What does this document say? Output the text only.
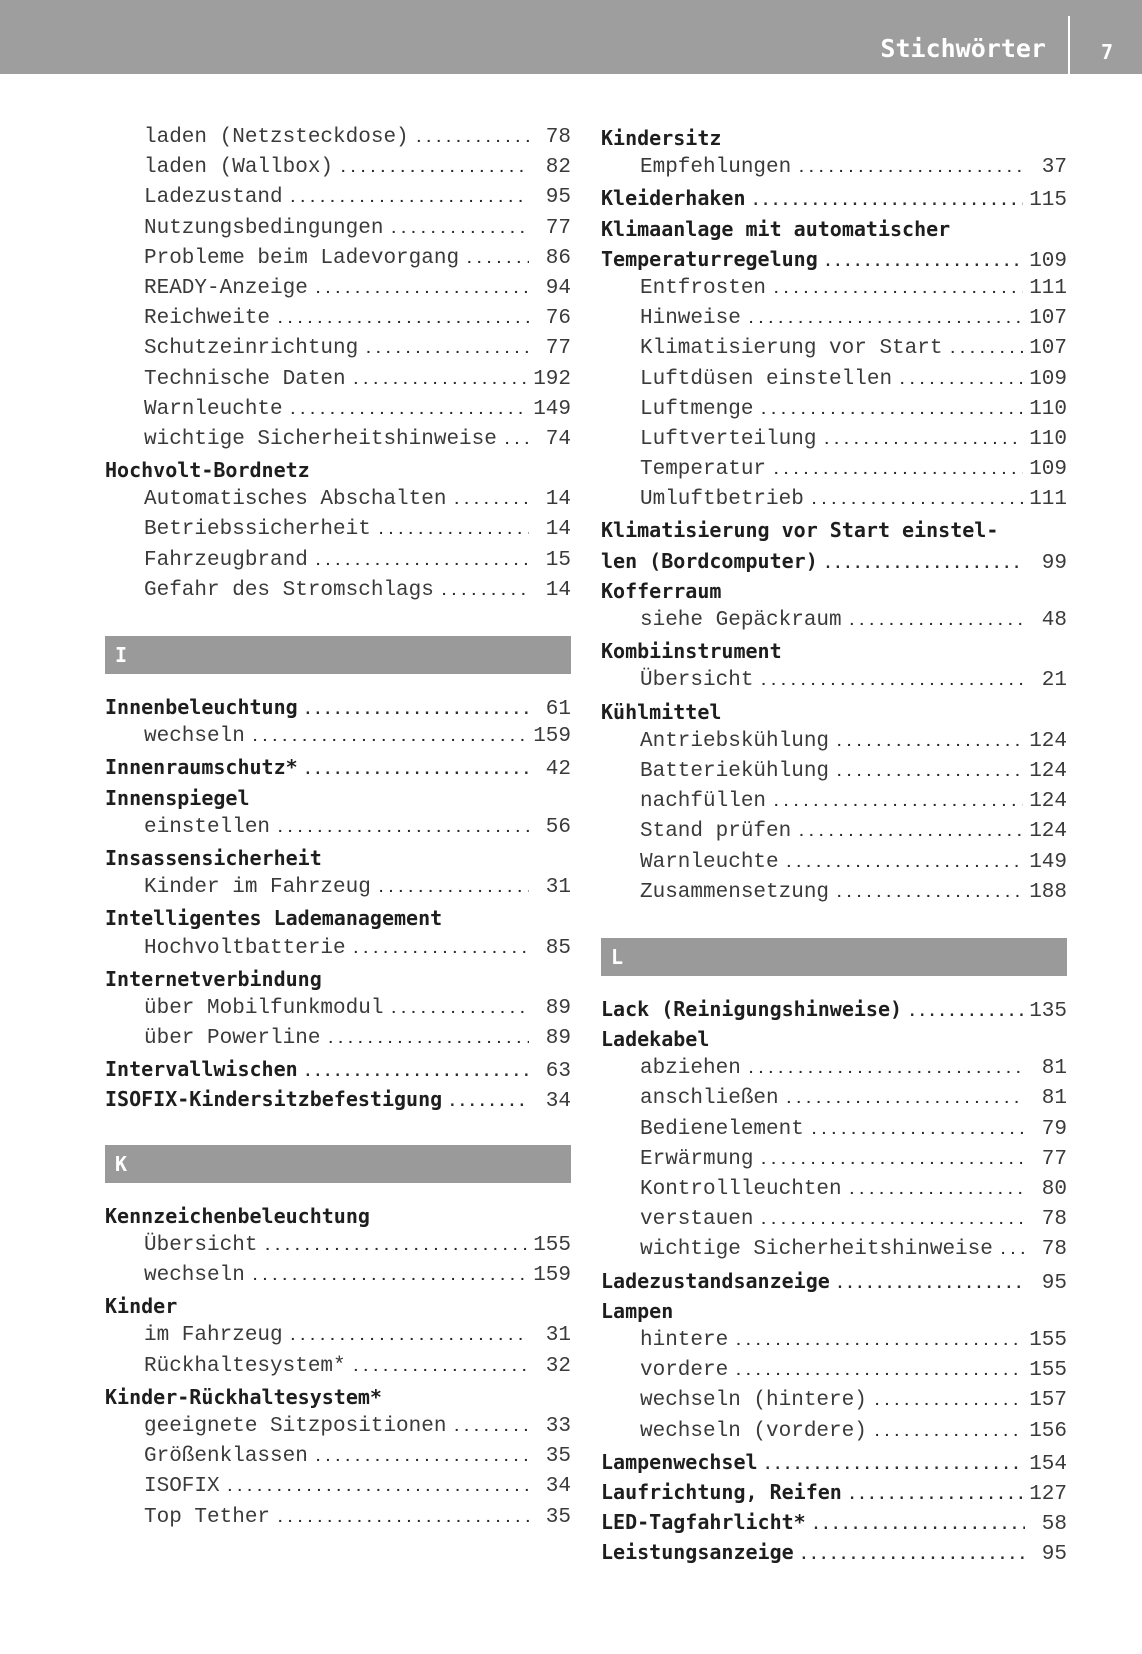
Stichwörter	7
laden (Netzsteckdose) .....	78
laden (Wallbox) .....	82
Ladezustand .....	95
Nutzungsbedingungen .....	77
Probleme beim Ladevorgang .....	86
READY-Anzeige .....	94
Reichweite .....	76
Schutzeinrichtung .....	77
Technische Daten .....	192
Warnleuchte .....	149
wichtige Sicherheitshinweise .....	74
Hochvolt-Bordnetz
Automatisches Abschalten .....	14
Betriebssicherheit .....	14
Fahrzeugbrand .....	15
Gefahr des Stromschlags .....	14
I
Innenbeleuchtung .....	61
wechseln .....	159
Innenraumschutz* .....	42
Innenspiegel
einstellen .....	56
Insassensicherheit
Kinder im Fahrzeug .....	31
Intelligentes Lademanagement
Hochvoltbatterie .....	85
Internetverbindung
über Mobilfunkmodul .....	89
über Powerline .....	89
Intervallwischen .....	63
ISOFIX-Kindersitzbefestigung .....	34
K
Kennzeichenbeleuchtung
Übersicht .....	155
wechseln .....	159
Kinder
im Fahrzeug .....	31
Rückhaltesystem* .....	32
Kinder-Rückhaltesystem*
geeignete Sitzpositionen .....	33
Größenklassen .....	35
ISOFIX .....	34
Top Tether .....	35
Kindersitz
Empfehlungen .....	37
Kleiderhaken .....	115
Klimaanlage mit automatischer
Temperaturregelung .....	109
Entfrosten .....	111
Hinweise .....	107
Klimatisierung vor Start .....	107
Luftdüsen einstellen .....	109
Luftmenge .....	110
Luftverteilung .....	110
Temperatur .....	109
Umluftbetrieb .....	111
Klimatisierung vor Start einstel-
len (Bordcomputer) .....	99
Kofferraum
siehe Gepäckraum .....	48
Kombiinstrument
Übersicht .....	21
Kühlmittel
Antriebskühlung .....	124
Batteriekühlung .....	124
nachfüllen .....	124
Stand prüfen .....	124
Warnleuchte .....	149
Zusammensetzung .....	188
L
Lack (Reinigungshinweise) .....	135
Ladekabel
abziehen .....	81
anschließen .....	81
Bedienelement .....	79
Erwärmung .....	77
Kontrollleuchten .....	80
verstauen .....	78
wichtige Sicherheitshinweise .....	78
Ladezustandsanzeige .....	95
Lampen
hintere .....	155
vordere .....	155
wechseln (hintere) .....	157
wechseln (vordere) .....	156
Lampenwechsel .....	154
Laufrichtung, Reifen .....	127
LED-Tagfahrlicht* .....	58
Leistungsanzeige .....	95
